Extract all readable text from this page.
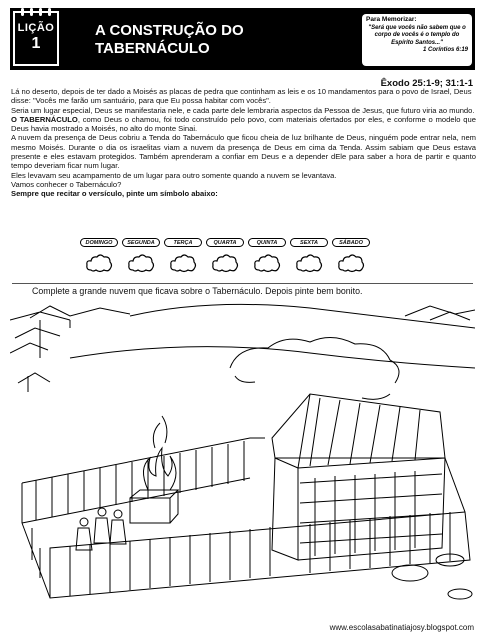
LIÇÃO
1
A CONSTRUÇÃO DO
TABERNÁCULO
Para Memorizar:
"Será que vocês não sabem que o corpo de vocês é o templo do Espírito Santos..."
1 Coríntios 6:19
Êxodo 25:1-9; 31:1-1

Lá no deserto, depois de ter dado a Moisés as placas de pedra que continham as leis e os 10 mandamentos para o povo de Israel, Deus disse: "Vocês me farão um santuário, para que Eu possa habitar com vocês".

Seria um lugar especial, Deus se manifestaria nele, e cada parte dele lembraria aspectos da Pessoa de Jesus, que futuro viria ao mundo.

O TABERNÁCULO, como Deus o chamou, foi todo construído pelo povo, com materiais ofertados por eles, e conforme o modelo que Deus havia mostrado a Moisés, no alto do monte Sinai.

A nuvem da presença de Deus cobriu a Tenda do Tabernáculo que ficou cheia de luz brilhante de Deus, ninguém pode entrar nela, nem mesmo Moisés. Durante o dia os israelitas viam a nuvem da presença de Deus em cima da Tenda. Assim sabiam que Deus estava presente e eles estavam protegidos. Também aprenderam a confiar em Deus e a depender dEle para saber a hora de partir e quanto tempo deveriam ficar num lugar.

Eles levavam seu acampamento de um lugar para outro somente quando a nuvem se levantava.

Vamos conhecer o Tabernáculo?

Sempre que recitar o versículo, pinte um símbolo abaixo:

DOMINGO	SEGUNDA	TERÇA	QUARTA	QUINTA	SEXTA	SÁBADO
Complete a grande nuvem que ficava sobre o Tabernáculo. Depois pinte bem bonito.
www.escolasabatinatiajosy.blogspot.com
